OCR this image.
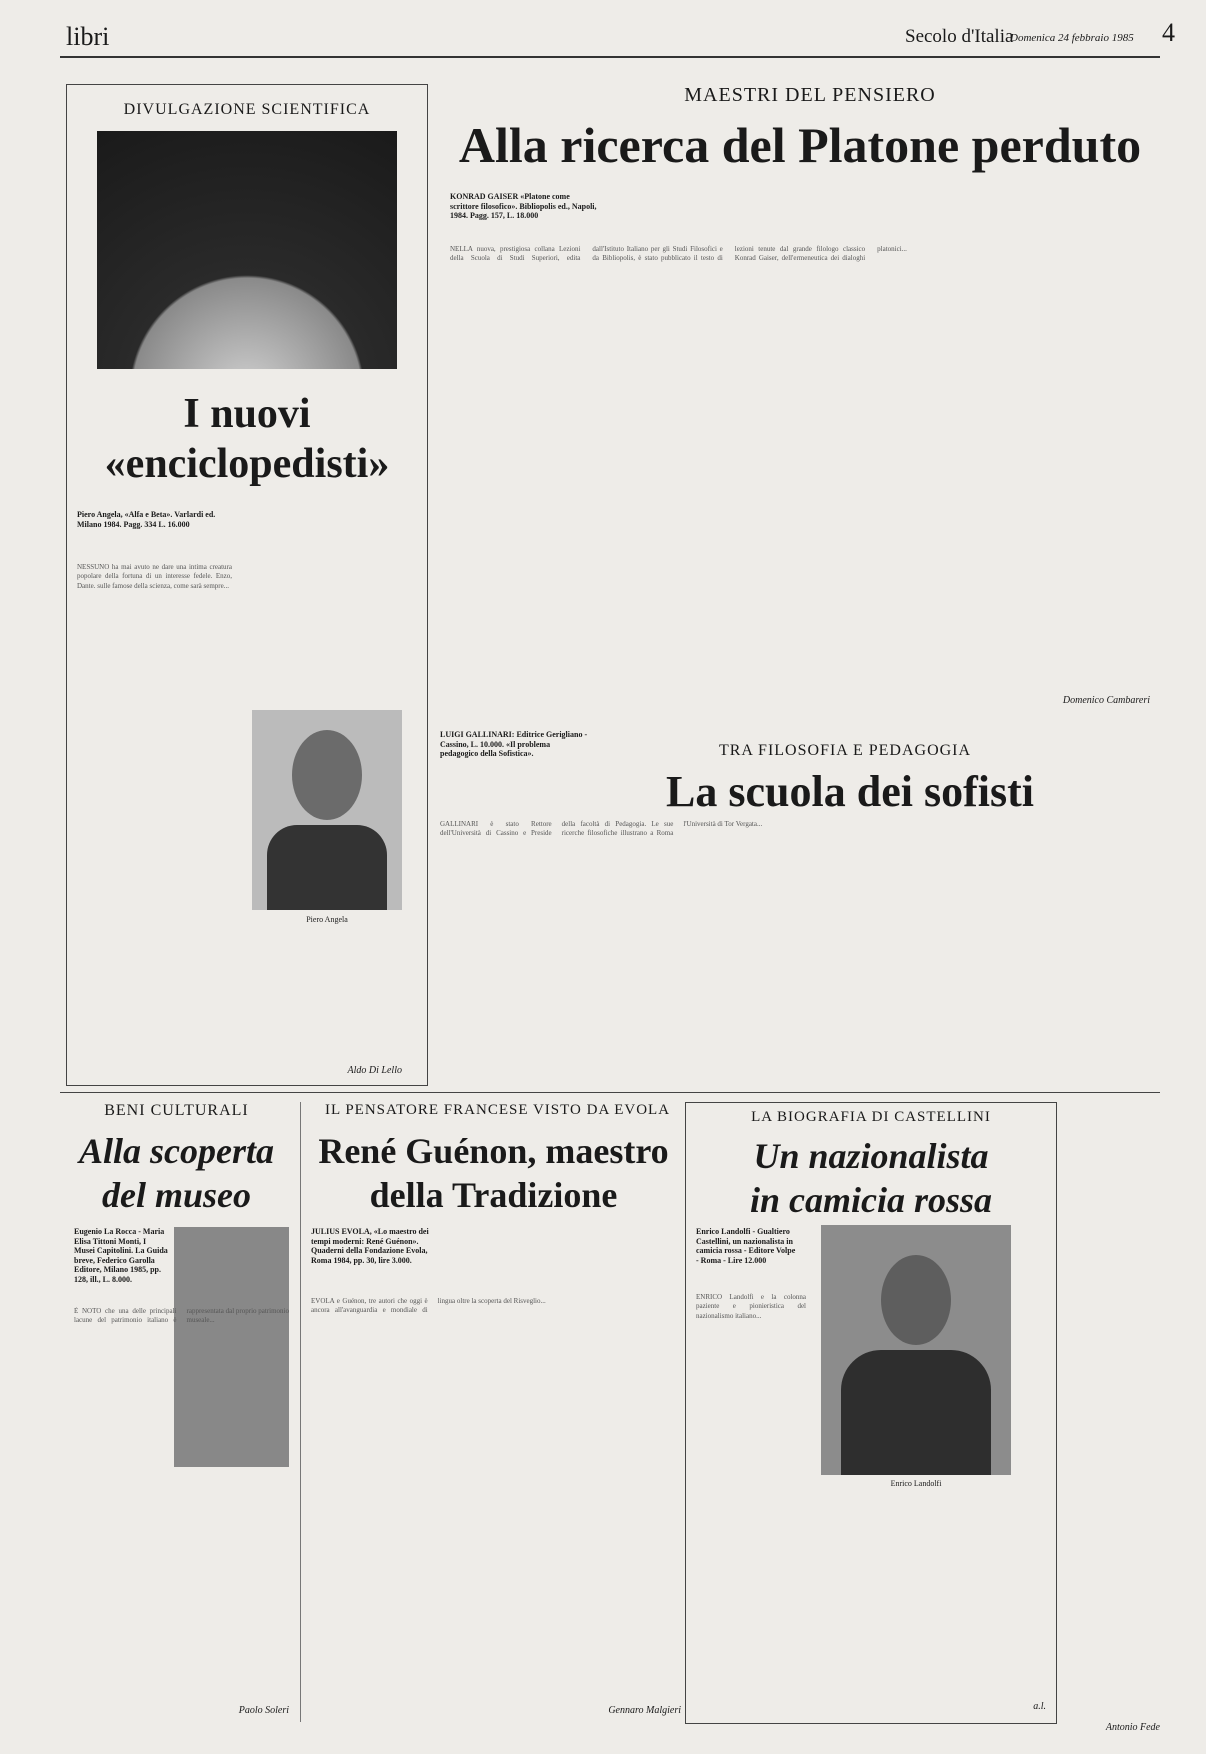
libri	Secolo d'Italia
Domenica 24 febbraio 1985 4
DIVULGAZIONE SCIENTIFICA
I nuovi
«enciclopedisti»
Piero Angela, «Alfa e Beta». Varlardi ed. Milano 1984. Pagg. 334 L. 16.000
NESSUNO ha mai avuto ne dare una intima creatura popolare della fortuna di un interesse fedele. Enzo, Dante. sulle famose della scienza, come sarà sempre...
Piero Angela
Aldo Di Lello
MAESTRI DEL PENSIERO
Alla ricerca del Platone perduto
KONRAD GAISER «Platone come scrittore filosofico». Bibliopolis ed., Napoli, 1984. Pagg. 157, L. 18.000
NELLA nuova, prestigiosa collana Lezioni della Scuola di Studi Superiori, edita dall'Istituto Italiano per gli Studi Filosofici e da Bibliopolis, è stato pubblicato il testo di lezioni tenute dal grande filologo classico Konrad Gaiser, dell'ermeneutica dei dialoghi platonici...
Domenico Cambareri
LUIGI GALLINARI: Editrice Gerigliano - Cassino, L. 10.000. «Il problema pedagogico della Sofistica».	TRA FILOSOFIA E PEDAGOGIA
La scuola dei sofisti
GALLINARI è stato Rettore dell'Università di Cassino e Preside della facoltà di Pedagogia. Le sue ricerche filosofiche illustrano a Roma l'Università di Tor Vergata...
BENI CULTURALI
Alla scoperta
del museo
Eugenio La Rocca - Maria Elisa Tittoni Monti, I Musei Capitolini. La Guida breve, Federico Garolla Editore, Milano 1985, pp. 128, ill., L. 8.000.
È NOTO che una delle principali lacune del patrimonio italiano è rappresentata dal proprio patrimonio museale...
Paolo Soleri
IL PENSATORE FRANCESE VISTO DA EVOLA
René Guénon, maestro
della Tradizione
JULIUS EVOLA, «Lo maestro dei tempi moderni: René Guénon». Quaderni della Fondazione Evola, Roma 1984, pp. 30, lire 3.000.
EVOLA e Guénon, tre autori che oggi è ancora all'avanguardia e mondiale di lingua oltre la scoperta del Risveglio...
Gennaro Malgieri
LA BIOGRAFIA DI CASTELLINI
Un nazionalista
in camicia rossa
Enrico Landolfi - Gualtiero Castellini, un nazionalista in camicia rossa - Editore Volpe - Roma - Lire 12.000
Enrico Landolfi
ENRICO Landolfi e la colonna paziente e pionieristica del nazionalismo italiano...
a.l.
Antonio Fede
